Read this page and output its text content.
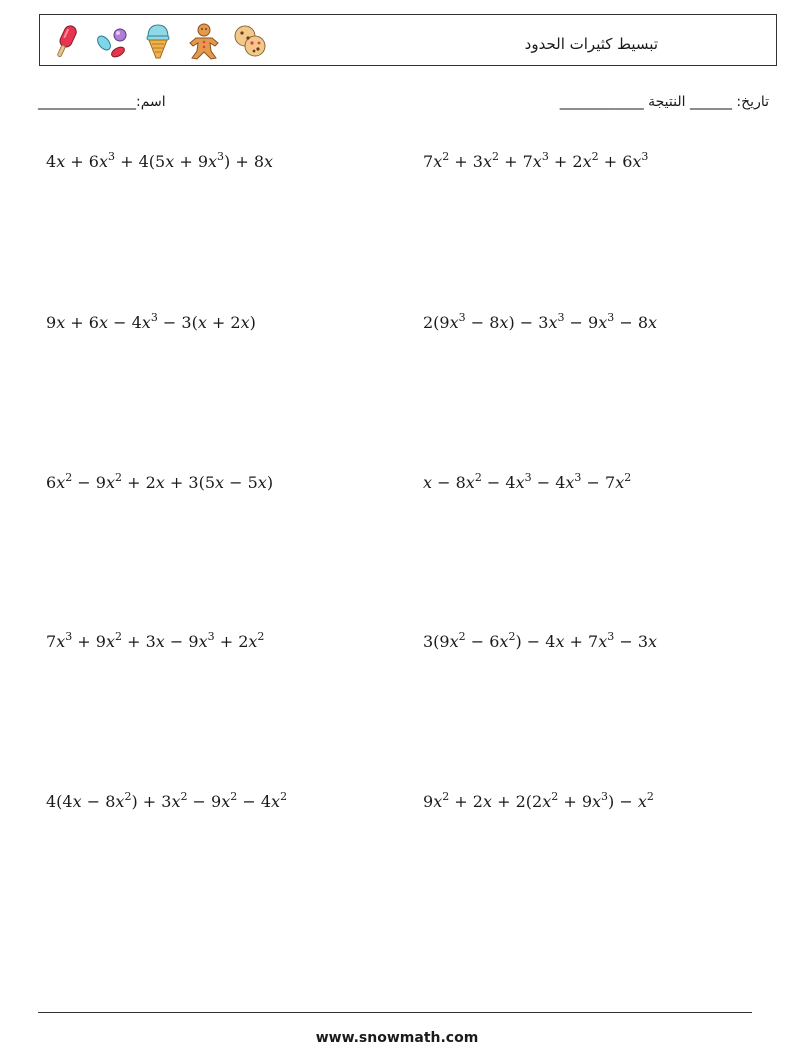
تبسيط كثيرات الحدود
______________اسم:	تاريخ: ______ النتيجة ____________
$4x + 6x^3 + 4(5x + 9x^3) + 8x$	$7x^2 + 3x^2 + 7x^3 + 2x^2 + 6x^3$
$9x + 6x - 4x^3 - 3(x + 2x)$	$2(9x^3 - 8x) - 3x^3 - 9x^3 - 8x$
$6x^2 - 9x^2 + 2x + 3(5x - 5x)$	$x - 8x^2 - 4x^3 - 4x^3 - 7x^2$
$7x^3 + 9x^2 + 3x - 9x^3 + 2x^2$	$3(9x^2 - 6x^2) - 4x + 7x^3 - 3x$
$4(4x - 8x^2) + 3x^2 - 9x^2 - 4x^2$	$9x^2 + 2x + 2(2x^2 + 9x^3) - x^2$
www.snowmath.com
